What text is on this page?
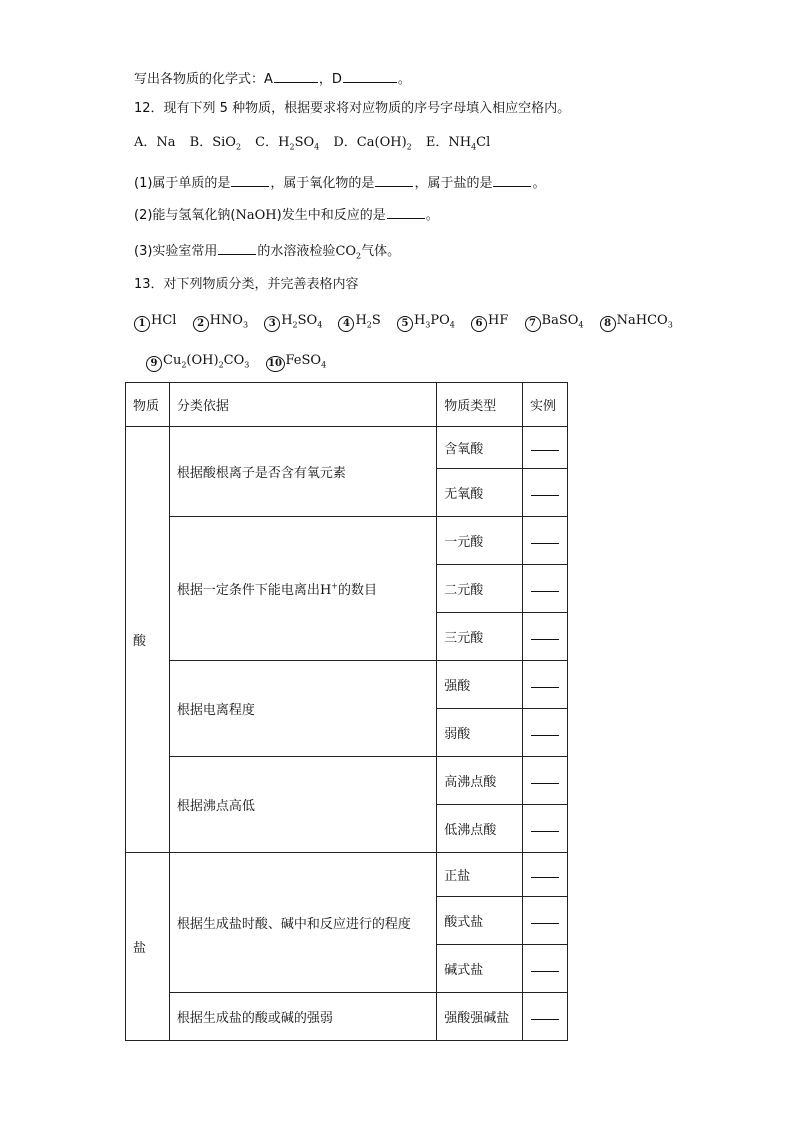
写出各物质的化学式：A	，D	。
12．现有下列 5 种物质，根据要求将对应物质的序号字母填入相应空格内。
A．Na B．SiO$_2$ C．$H_2SO_4$ D．$Ca(OH)_2$ E．$NH_4Cl$
(1)属于单质的是	，属于氧化物的是	，属于盐的是	。
(2)能与氢氧化钠(NaOH)发生中和反应的是	。
(3)实验室常用	的水溶液检验$CO_2$气体。
13．对下列物质分类，并完善表格内容
1 HCl 2 $HNO_3$ 3 $H_2SO_4$ 4 $H_2S$ 5 $H_3PO_4$ 6 HF 7 BaSO$_4$ 8 NaHCO$_3$
9 $Cu_2(OH)_2CO_3$ 10 FeSO$_4$
物质	分类依据	物质类型	实例
酸	根据酸根离子是否含有氧元素	含氧酸	
		无氧酸	
	根据一定条件下能电离出H+的数目	一元酸	
		二元酸	
		三元酸	
	根据电离程度	强酸	
		弱酸	
	根据沸点高低	高沸点酸	
		低沸点酸	
盐	根据生成盐时酸、碱中和反应进行的程度	正盐	
		酸式盐	
		碱式盐	
	根据生成盐的酸或碱的强弱	强酸强碱盐	
